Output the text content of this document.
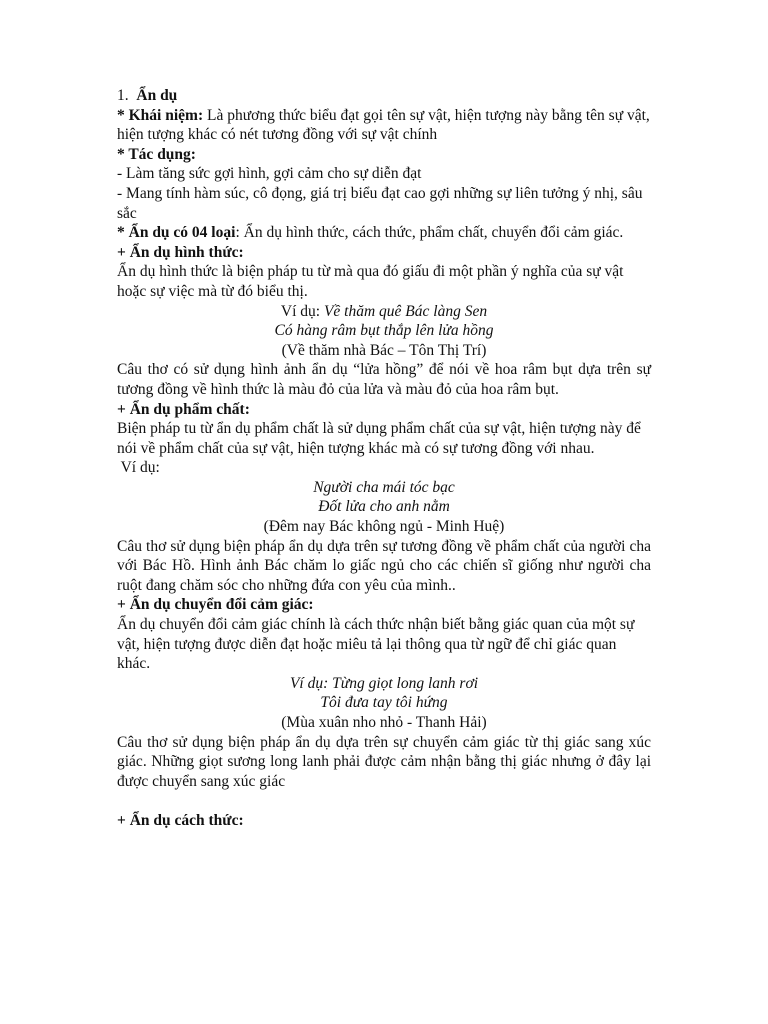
1. Ẩn dụ

* Khái niệm: Là phương thức biểu đạt gọi tên sự vật, hiện tượng này bằng tên sự vật, hiện tượng khác có nét tương đồng với sự vật chính

* Tác dụng:

- Làm tăng sức gợi hình, gợi cảm cho sự diễn đạt

- Mang tính hàm súc, cô đọng, giá trị biểu đạt cao gợi những sự liên tưởng ý nhị, sâu sắc

* Ẩn dụ có 04 loại: Ẩn dụ hình thức, cách thức, phẩm chất, chuyển đổi cảm giác.

+ Ẩn dụ hình thức:

Ẩn dụ hình thức là biện pháp tu từ mà qua đó giấu đi một phần ý nghĩa của sự vật hoặc sự việc mà từ đó biểu thị.

Ví dụ: Về thăm quê Bác làng Sen

Có hàng râm bụt thắp lên lửa hồng

(Về thăm nhà Bác – Tôn Thị Trí)

Câu thơ có sử dụng hình ảnh ẩn dụ “lửa hồng” để nói về hoa râm bụt dựa trên sự tương đồng về hình thức là màu đỏ của lửa và màu đỏ của hoa râm bụt.

+ Ẩn dụ phẩm chất:

Biện pháp tu từ ẩn dụ phẩm chất là sử dụng phẩm chất của sự vật, hiện tượng này để nói về phẩm chất của sự vật, hiện tượng khác mà có sự tương đồng với nhau.

Ví dụ:

Người cha mái tóc bạc

Đốt lửa cho anh nằm

(Đêm nay Bác không ngủ - Minh Huệ)

Câu thơ sử dụng biện pháp ẩn dụ dựa trên sự tương đồng về phẩm chất của người cha với Bác Hồ. Hình ảnh Bác chăm lo giấc ngủ cho các chiến sĩ giống như người cha ruột đang chăm sóc cho những đứa con yêu của mình..

+ Ẩn dụ chuyển đổi cảm giác:

Ẩn dụ chuyển đổi cảm giác chính là cách thức nhận biết bằng giác quan của một sự vật, hiện tượng được diễn đạt hoặc miêu tả lại thông qua từ ngữ để chỉ giác quan khác.

Ví dụ: Từng giọt long lanh rơi

Tôi đưa tay tôi hứng

(Mùa xuân nho nhỏ - Thanh Hải)

Câu thơ sử dụng biện pháp ẩn dụ dựa trên sự chuyển cảm giác từ thị giác sang xúc giác. Những giọt sương long lanh phải được cảm nhận bằng thị giác nhưng ở đây lại được chuyển sang xúc giác

+ Ẩn dụ cách thức:
